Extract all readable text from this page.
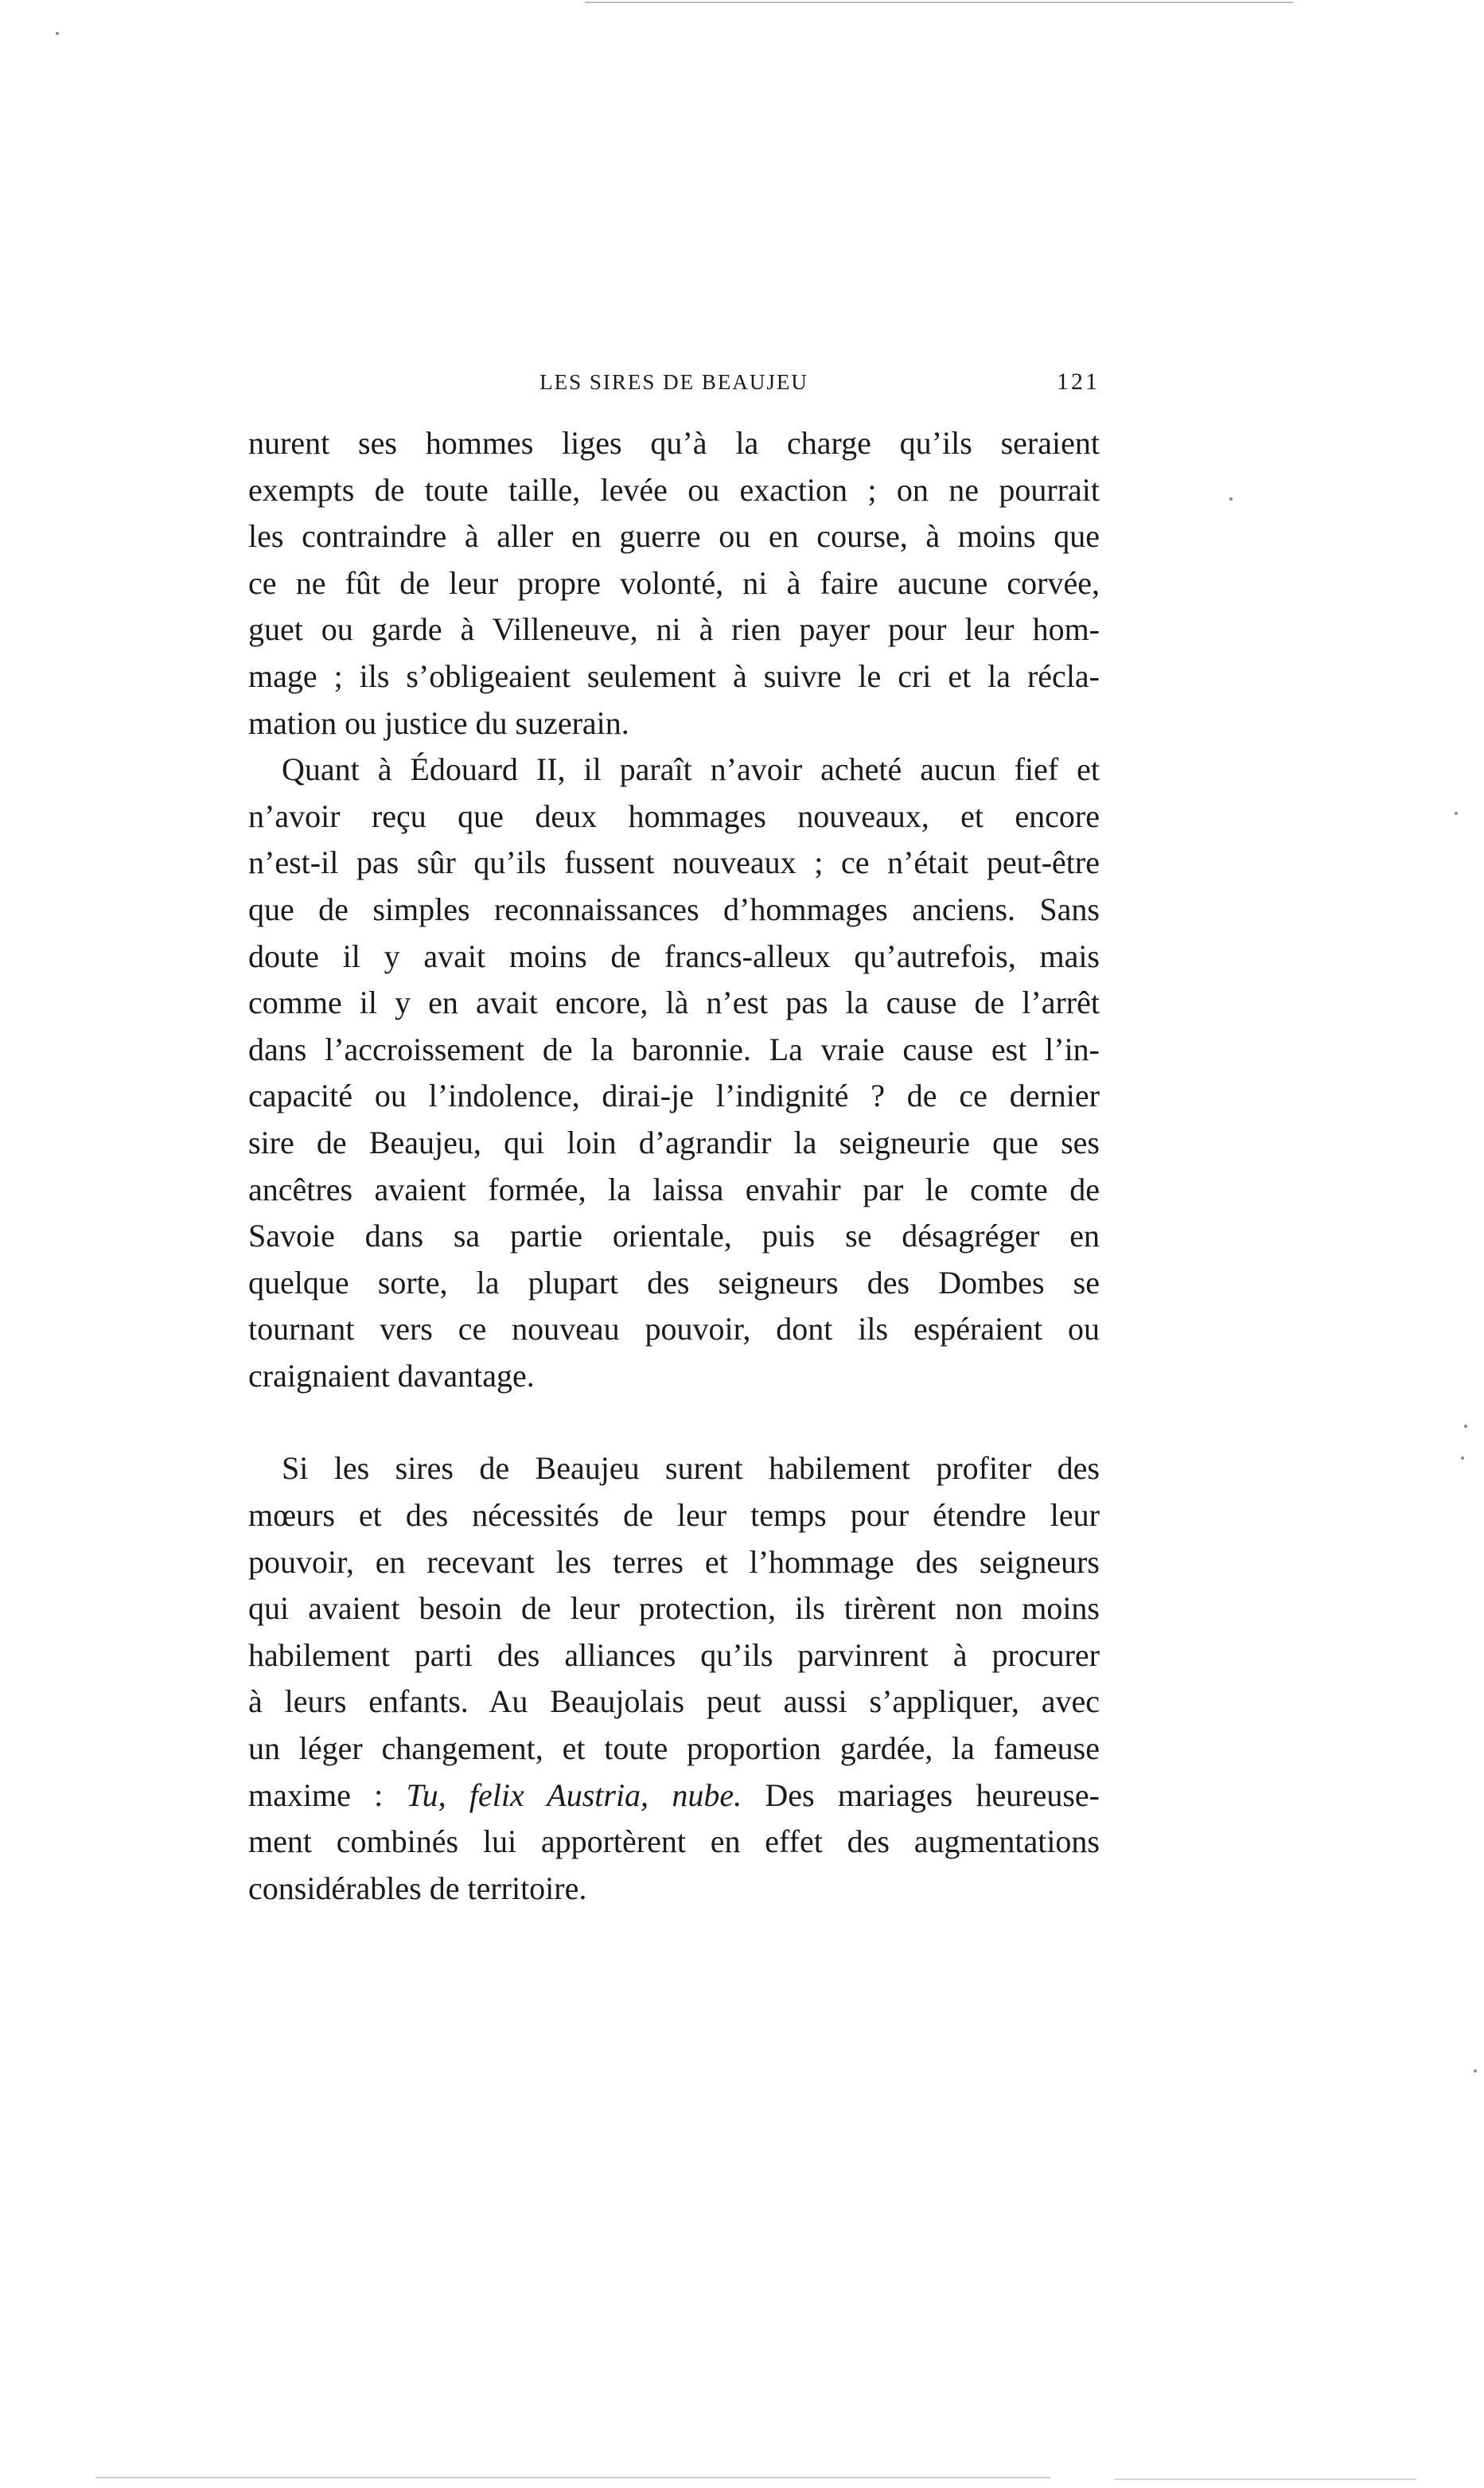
LES SIRES DE BEAUJEU	121
nurent ses hommes liges qu’à la charge qu’ils seraient
exempts de toute taille, levée ou exaction ; on ne pourrait
les contraindre à aller en guerre ou en course, à moins que
ce ne fût de leur propre volonté, ni à faire aucune corvée,
guet ou garde à Villeneuve, ni à rien payer pour leur hom-
mage ; ils s’obligeaient seulement à suivre le cri et la récla-
mation ou justice du suzerain.
Quant à Édouard II, il paraît n’avoir acheté aucun fief et
n’avoir reçu que deux hommages nouveaux, et encore
n’est-il pas sûr qu’ils fussent nouveaux ; ce n’était peut-être
que de simples reconnaissances d’hommages anciens. Sans
doute il y avait moins de francs-alleux qu’autrefois, mais
comme il y en avait encore, là n’est pas la cause de l’arrêt
dans l’accroissement de la baronnie. La vraie cause est l’in-
capacité ou l’indolence, dirai-je l’indignité ? de ce dernier
sire de Beaujeu, qui loin d’agrandir la seigneurie que ses
ancêtres avaient formée, la laissa envahir par le comte de
Savoie dans sa partie orientale, puis se désagréger en
quelque sorte, la plupart des seigneurs des Dombes se
tournant vers ce nouveau pouvoir, dont ils espéraient ou
craignaient davantage.
Si les sires de Beaujeu surent habilement profiter des
mœurs et des nécessités de leur temps pour étendre leur
pouvoir, en recevant les terres et l’hommage des seigneurs
qui avaient besoin de leur protection, ils tirèrent non moins
habilement parti des alliances qu’ils parvinrent à procurer
à leurs enfants. Au Beaujolais peut aussi s’appliquer, avec
un léger changement, et toute proportion gardée, la fameuse
maxime : Tu, felix Austria, nube. Des mariages heureuse-
ment combinés lui apportèrent en effet des augmentations
considérables de territoire.
